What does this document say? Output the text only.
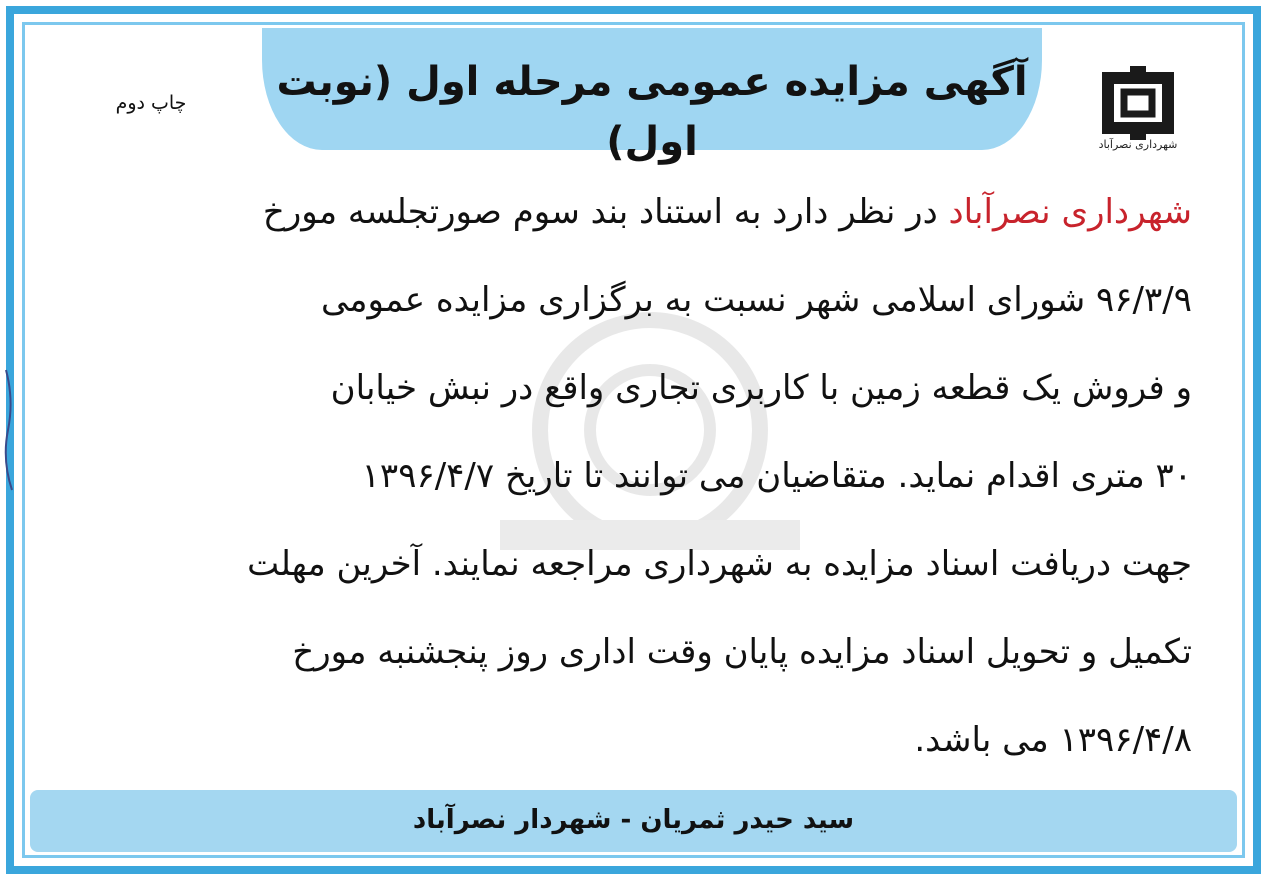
آگهی مزایده عمومی مرحله اول (نوبت اول)
چاپ دوم
شهرداری نصرآباد
شهرداری نصرآباد در نظر دارد به استناد بند سوم صورتجلسه مورخ
۹۶/۳/۹ شورای اسلامی شهر نسبت به برگزاری مزایده عمومی
و فروش یک قطعه زمین با کاربری تجاری واقع در نبش خیابان
۳۰ متری اقدام نماید. متقاضیان می توانند تا تاریخ ۱۳۹۶/۴/۷
جهت دریافت اسناد مزایده به شهرداری مراجعه نمایند. آخرین مهلت
تکمیل و تحویل اسناد مزایده پایان وقت اداری روز پنجشنبه مورخ
۱۳۹۶/۴/۸ می باشد.
سید حیدر ثمریان - شهردار نصرآباد
